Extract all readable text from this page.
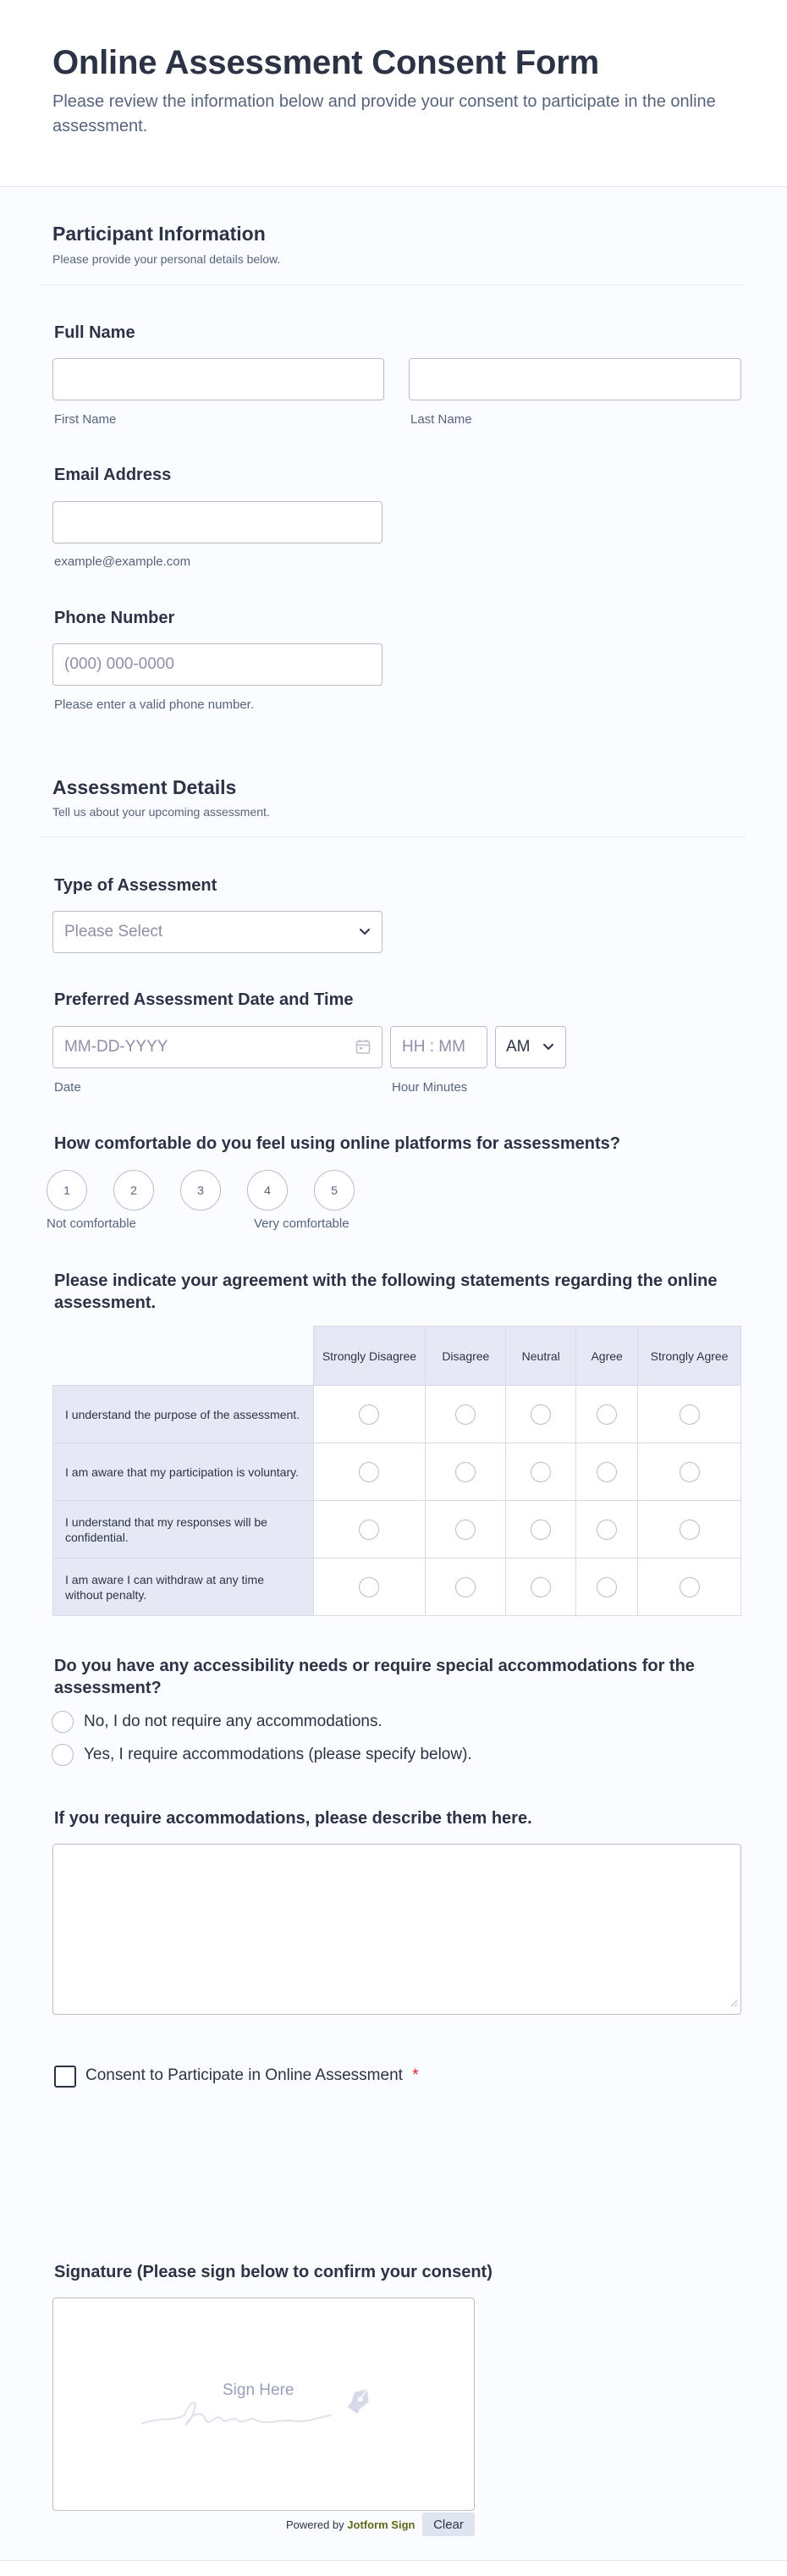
Online Assessment Consent Form
Please review the information below and provide your consent to participate in the online assessment.
Participant Information
Please provide your personal details below.
Full Name
First Name	Last Name
Email Address
example@example.com
Phone Number
(000) 000-0000
Please enter a valid phone number.
Assessment Details
Tell us about your upcoming assessment.
Type of Assessment
Please Select
Preferred Assessment Date and Time
MM-DD-YYYY	HH : MM	AM
Date	Hour Minutes
How comfortable do you feel using online platforms for assessments?
1	2	3	4	5
Not comfortable	Very comfortable
Please indicate your agreement with the following statements regarding the online assessment.
	Strongly Disagree	Disagree	Neutral	Agree	Strongly Agree
I understand the purpose of the assessment.					
I am aware that my participation is voluntary.					
I understand that my responses will be confidential.					
I am aware I can withdraw at any time without penalty.					
Do you have any accessibility needs or require special accommodations for the assessment?
No, I do not require any accommodations.
Yes, I require accommodations (please specify below).
If you require accommodations, please describe them here.
Consent to Participate in Online Assessment *
Signature (Please sign below to confirm your consent)
Sign Here
Powered by Jotform Sign	Clear
